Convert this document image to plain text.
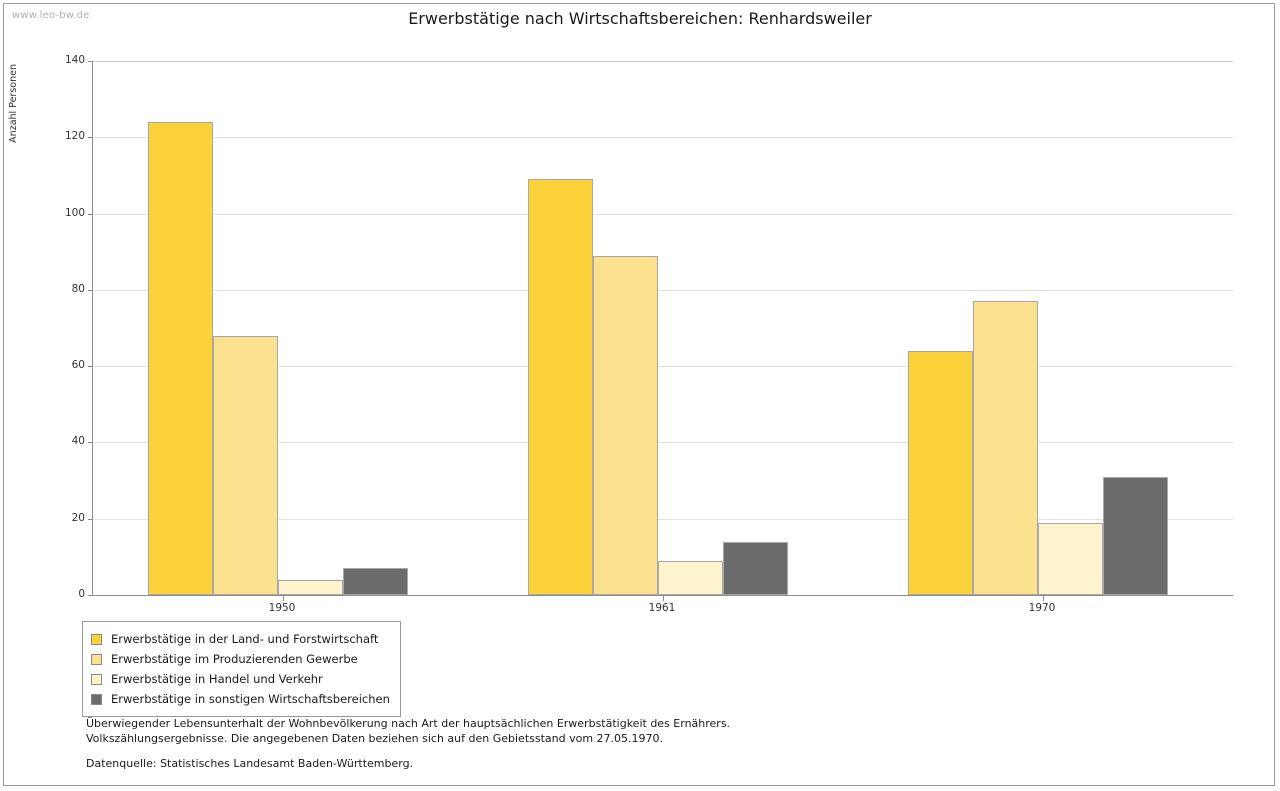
www.leo-bw.de	Erwerbstätige nach Wirtschaftsbereichen: Renhardsweiler
Anzahl Personen
0
20
40
60
80
100
120
140
Erwerbstätige in der Land- und Forstwirtschaft
Erwerbstätige im Produzierenden Gewerbe
Erwerbstätige in Handel und Verkehr
Erwerbstätige in sonstigen Wirtschaftsbereichen
Überwiegender Lebensunterhalt der Wohnbevölkerung nach Art der hauptsächlichen Erwerbstätigkeit des Ernährers.
Volkszählungsergebnisse. Die angegebenen Daten beziehen sich auf den Gebietsstand vom 27.05.1970.
Datenquelle: Statistisches Landesamt Baden-Württemberg.
1950	1961	1970
